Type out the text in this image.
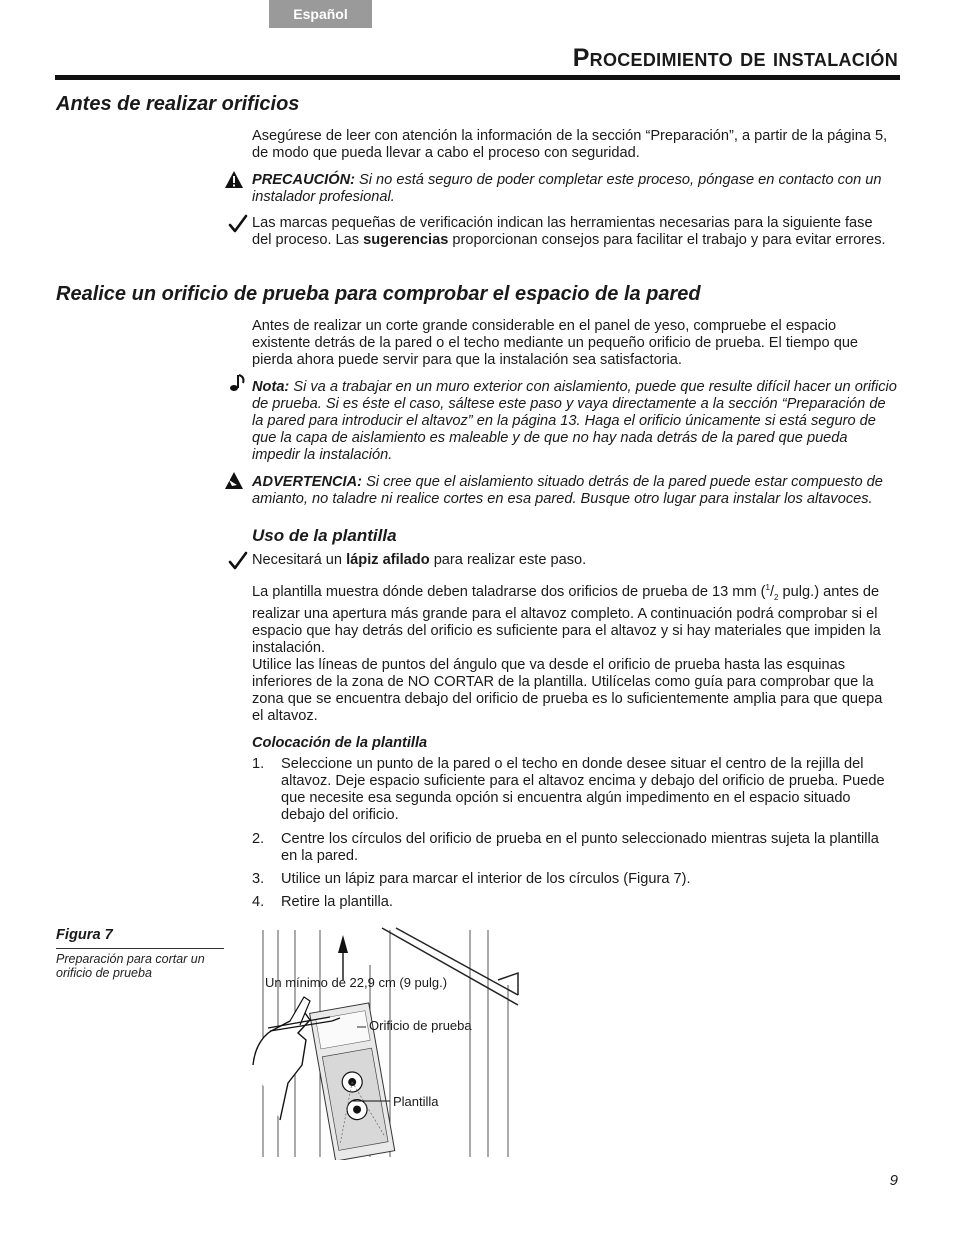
Español
Procedimiento de instalación
Antes de realizar orificios

Asegúrese de leer con atención la información de la sección “Preparación”, a partir de la página 5, de modo que pueda llevar a cabo el proceso con seguridad.

PRECAUCIÓN: Si no está seguro de poder completar este proceso, póngase en contacto con un instalador profesional.

Las marcas pequeñas de verificación indican las herramientas necesarias para la siguiente fase del proceso. Las sugerencias proporcionan consejos para facilitar el trabajo y para evitar errores.

Realice un orificio de prueba para comprobar el espacio de la pared

Antes de realizar un corte grande considerable en el panel de yeso, compruebe el espacio existente detrás de la pared o el techo mediante un pequeño orificio de prueba. El tiempo que pierda ahora puede servir para que la instalación sea satisfactoria.

Nota: Si va a trabajar en un muro exterior con aislamiento, puede que resulte difícil hacer un orificio de prueba. Si es éste el caso, sáltese este paso y vaya directamente a la sección “Preparación de la pared para introducir el altavoz” en la página 13. Haga el orificio únicamente si está seguro de que la capa de aislamiento es maleable y de que no hay nada detrás de la pared que pueda impedir la instalación.

ADVERTENCIA: Si cree que el aislamiento situado detrás de la pared puede estar compuesto de amianto, no taladre ni realice cortes en esa pared. Busque otro lugar para instalar los altavoces.

Uso de la plantilla

Necesitará un lápiz afilado para realizar este paso.

La plantilla muestra dónde deben taladrarse dos orificios de prueba de 13 mm ($^1/_2$ pulg.) antes de realizar una apertura más grande para el altavoz completo. A continuación podrá comprobar si el espacio que hay detrás del orificio es suficiente para el altavoz y si hay materiales que impiden la instalación.

Utilice las líneas de puntos del ángulo que va desde el orificio de prueba hasta las esquinas inferiores de la zona de NO CORTAR de la plantilla. Utilícelas como guía para comprobar que la zona que se encuentra debajo del orificio de prueba es lo suficientemente amplia para que quepa el altavoz.

Colocación de la plantilla
1. Seleccione un punto de la pared o el techo en donde desee situar el centro de la rejilla del altavoz. Deje espacio suficiente para el altavoz encima y debajo del orificio de prueba. Puede que necesite esa segunda opción si encuentra algún impedimento en el espacio situado debajo del orificio.
2. Centre los círculos del orificio de prueba en el punto seleccionado mientras sujeta la plantilla en la pared.
3. Utilice un lápiz para marcar el interior de los círculos (Figura 7).
4. Retire la plantilla.
Figura 7
Preparación para cortar un orificio de prueba
Un mínimo de 22,9 cm (9 pulg.)
Orificio de prueba
Plantilla
9
